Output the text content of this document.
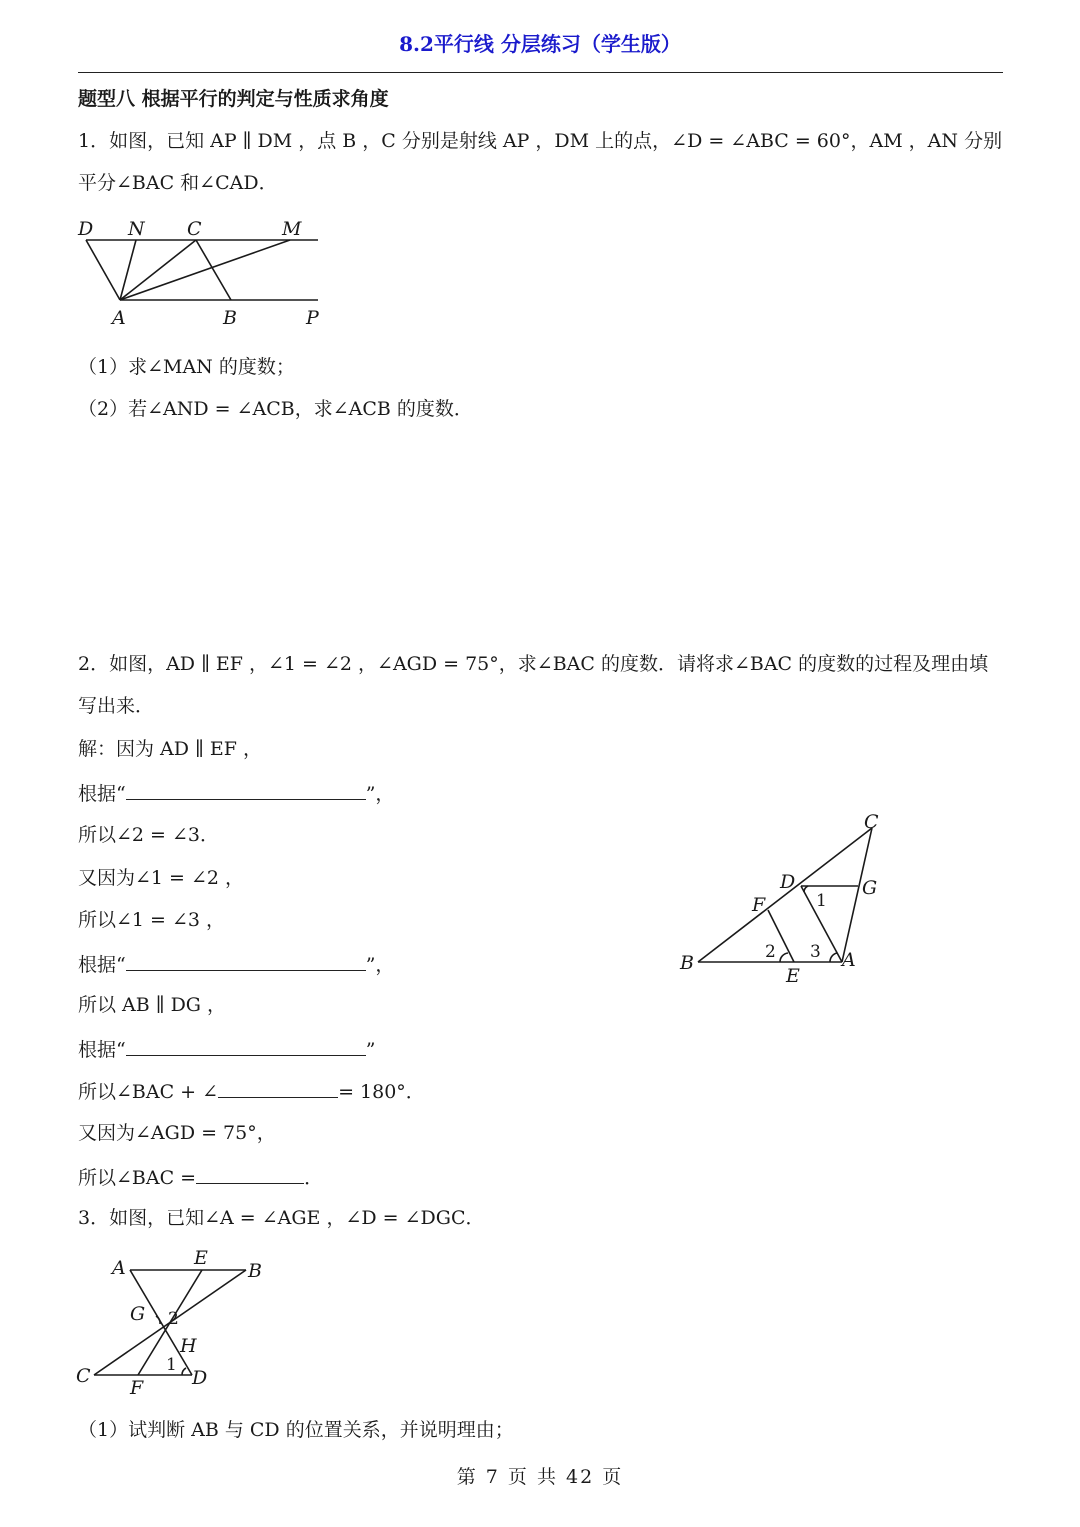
8.2平行线 分层练习（学生版）
题型八 根据平行的判定与性质求角度
1．如图，已知 AP ∥ DM ，点 B ，C 分别是射线 AP ，DM 上的点，∠D = ∠ABC = 60°，AM ，AN 分别
平分∠BAC 和∠CAD．
D N C	M
A	B	P
（1）求∠MAN 的度数；
（2）若∠AND = ∠ACB，求∠ACB 的度数．
2．如图，AD ∥ EF ，∠1 = ∠2 ，∠AGD = 75°，求∠BAC 的度数．请将求∠BAC 的度数的过程及理由填
写出来．
解：因为 AD ∥ EF ，
根据“	”，
所以∠2 = ∠3．
又因为∠1 = ∠2 ，
所以∠1 = ∠3 ，
根据“	”，
所以 AB ∥ DG ，
根据“	”
所以∠BAC + ∠	= 180°．
又因为∠AGD = 75°，
所以∠BAC =	．
C
D	G
F
B
E
A
1
2 3
3．如图，已知∠A = ∠AGE ，∠D = ∠DGC．
A	E
B
G 2
H
1
C
F	D
（1）试判断 AB 与 CD 的位置关系，并说明理由；
第 7 页 共 42 页
